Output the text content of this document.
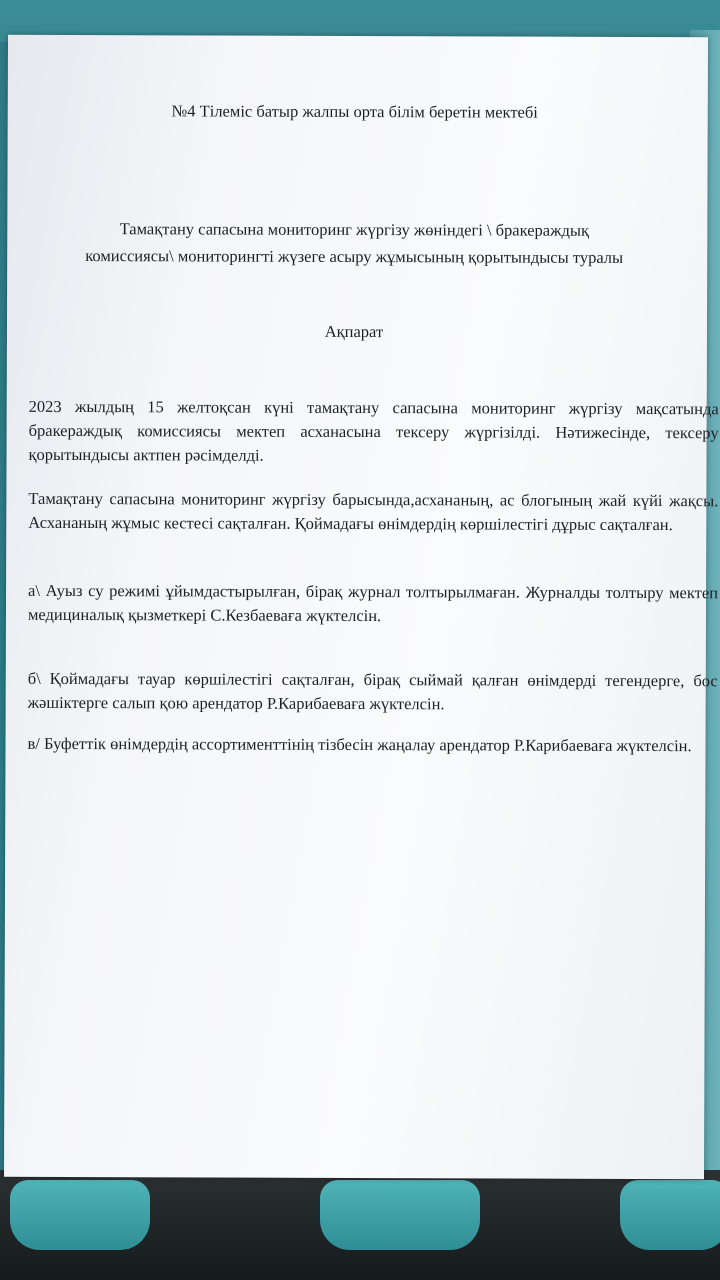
№4 Тілеміс батыр жалпы орта білім беретін мектебі
Тамақтану сапасына мониторинг жүргізу жөніндегі \ бракераждық
комиссиясы\ мониторингті жүзеге асыру жұмысының қорытындысы туралы
Ақпарат
2023 жылдың 15 желтоқсан күні тамақтану сапасына мониторинг жүргізу мақсатында бракераждық комиссиясы мектеп асханасына тексеру жүргізілді. Нәтижесінде, тексеру қорытындысы актпен рәсімделді.
Тамақтану сапасына мониторинг жүргізу барысында,асхананың, ас блогының жай күйі жақсы. Асхананың жұмыс кестесі сақталған. Қоймадағы өнімдердің көршілестігі дұрыс сақталған.
а\ Ауыз су режимі ұйымдастырылған, бірақ журнал толтырылмаған. Журналды толтыру мектеп медициналық қызметкері С.Кезбаеваға жүктелсін.
б\ Қоймадағы тауар көршілестігі сақталған, бірақ сыймай қалған өнімдерді тегендерге, бос жәшіктерге салып қою арендатор Р.Карибаеваға жүктелсін.
в/ Буфеттік өнімдердің ассортименттінің тізбесін жаңалау арендатор Р.Карибаеваға жүктелсін.
